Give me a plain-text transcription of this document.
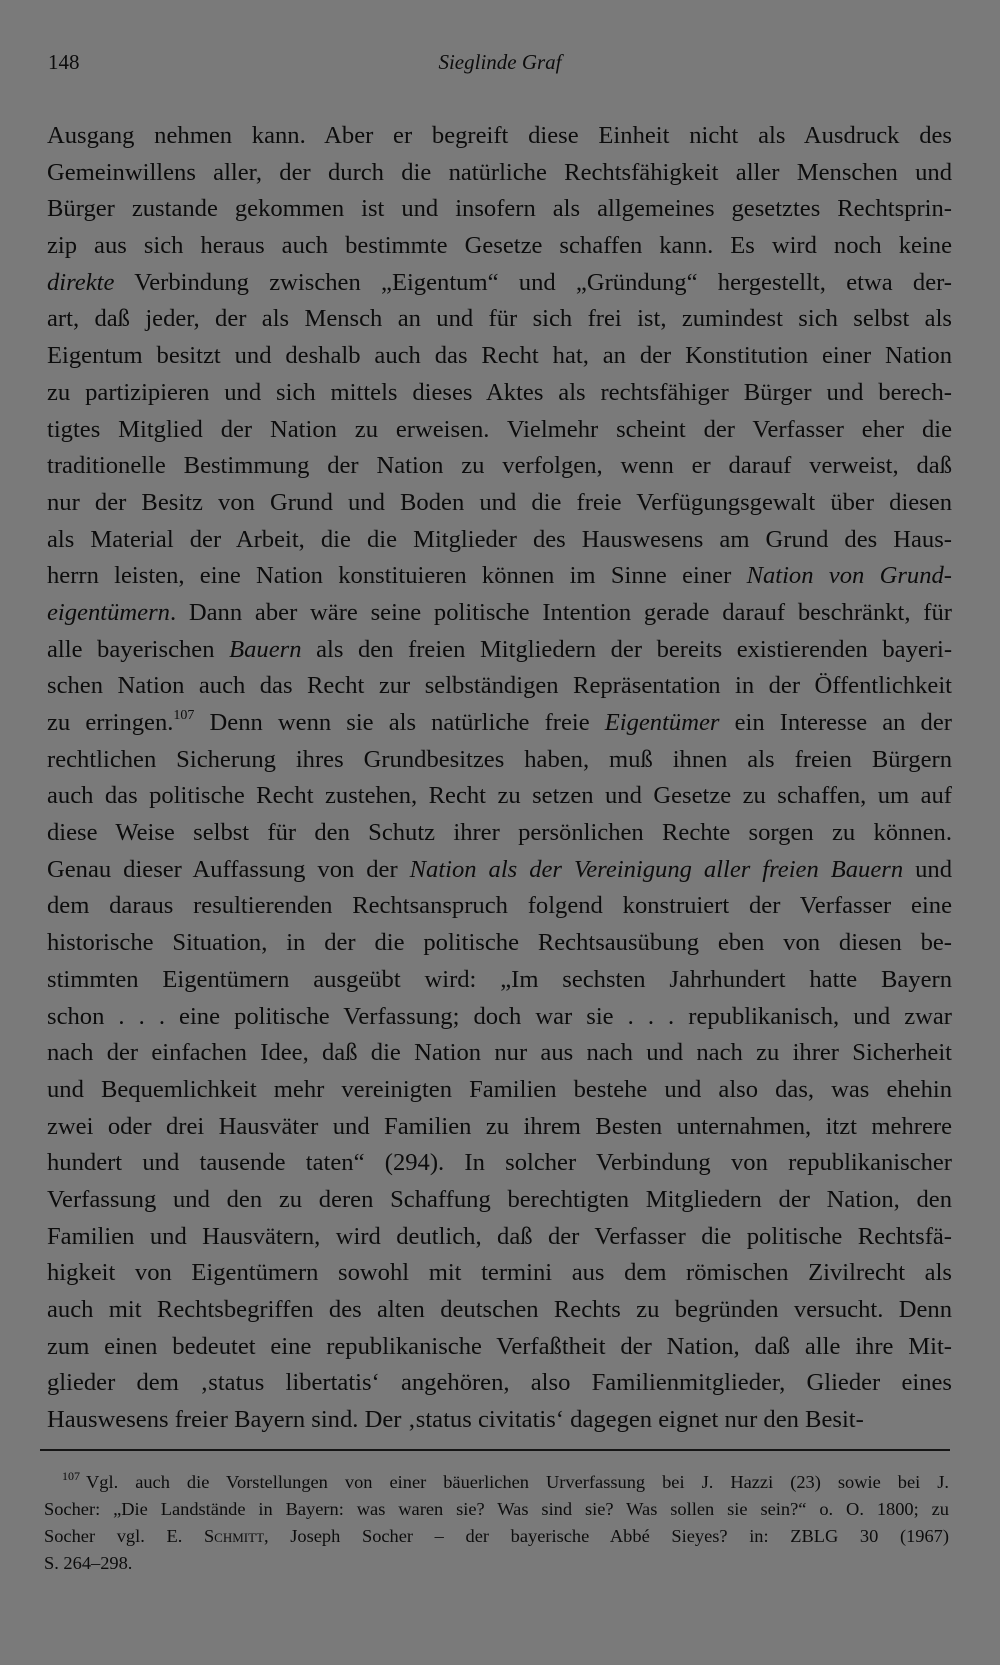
148	Sieglinde Graf
Ausgang nehmen kann. Aber er begreift diese Einheit nicht als Ausdruck des
Gemeinwillens aller, der durch die natürliche Rechtsfähigkeit aller Menschen und
Bürger zustande gekommen ist und insofern als allgemeines gesetztes Rechtsprin-
zip aus sich heraus auch bestimmte Gesetze schaffen kann. Es wird noch keine
direkte Verbindung zwischen „Eigentum“ und „Gründung“ hergestellt, etwa der-
art, daß jeder, der als Mensch an und für sich frei ist, zumindest sich selbst als
Eigentum besitzt und deshalb auch das Recht hat, an der Konstitution einer Nation
zu partizipieren und sich mittels dieses Aktes als rechtsfähiger Bürger und berech-
tigtes Mitglied der Nation zu erweisen. Vielmehr scheint der Verfasser eher die
traditionelle Bestimmung der Nation zu verfolgen, wenn er darauf verweist, daß
nur der Besitz von Grund und Boden und die freie Verfügungsgewalt über diesen
als Material der Arbeit, die die Mitglieder des Hauswesens am Grund des Haus-
herrn leisten, eine Nation konstituieren können im Sinne einer Nation von Grund-
eigentümern. Dann aber wäre seine politische Intention gerade darauf beschränkt, für
alle bayerischen Bauern als den freien Mitgliedern der bereits existierenden bayeri-
schen Nation auch das Recht zur selbständigen Repräsentation in der Öffentlichkeit
zu erringen.$^{107}$ Denn wenn sie als natürliche freie Eigentümer ein Interesse an der
rechtlichen Sicherung ihres Grundbesitzes haben, muß ihnen als freien Bürgern
auch das politische Recht zustehen, Recht zu setzen und Gesetze zu schaffen, um auf
diese Weise selbst für den Schutz ihrer persönlichen Rechte sorgen zu können.
Genau dieser Auffassung von der Nation als der Vereinigung aller freien Bauern und
dem daraus resultierenden Rechtsanspruch folgend konstruiert der Verfasser eine
historische Situation, in der die politische Rechtsausübung eben von diesen be-
stimmten Eigentümern ausgeübt wird: „Im sechsten Jahrhundert hatte Bayern
schon . . . eine politische Verfassung; doch war sie . . . republikanisch, und zwar
nach der einfachen Idee, daß die Nation nur aus nach und nach zu ihrer Sicherheit
und Bequemlichkeit mehr vereinigten Familien bestehe und also das, was ehehin
zwei oder drei Hausväter und Familien zu ihrem Besten unternahmen, itzt mehrere
hundert und tausende taten“ (294). In solcher Verbindung von republikanischer
Verfassung und den zu deren Schaffung berechtigten Mitgliedern der Nation, den
Familien und Hausvätern, wird deutlich, daß der Verfasser die politische Rechtsfä-
higkeit von Eigentümern sowohl mit termini aus dem römischen Zivilrecht als
auch mit Rechtsbegriffen des alten deutschen Rechts zu begründen versucht. Denn
zum einen bedeutet eine republikanische Verfaßtheit der Nation, daß alle ihre Mit-
glieder dem ‚status libertatis‘ angehören, also Familienmitglieder, Glieder eines
Hauswesens freier Bayern sind. Der ‚status civitatis‘ dagegen eignet nur den Besit-
$^{107}$ Vgl. auch die Vorstellungen von einer bäuerlichen Urverfassung bei J. Hazzi (23) sowie bei J.
Socher: „Die Landstände in Bayern: was waren sie? Was sind sie? Was sollen sie sein?“ o. O. 1800; zu
Socher vgl. E. Schmitt, Joseph Socher – der bayerische Abbé Sieyes? in: ZBLG 30 (1967)
S. 264–298.
